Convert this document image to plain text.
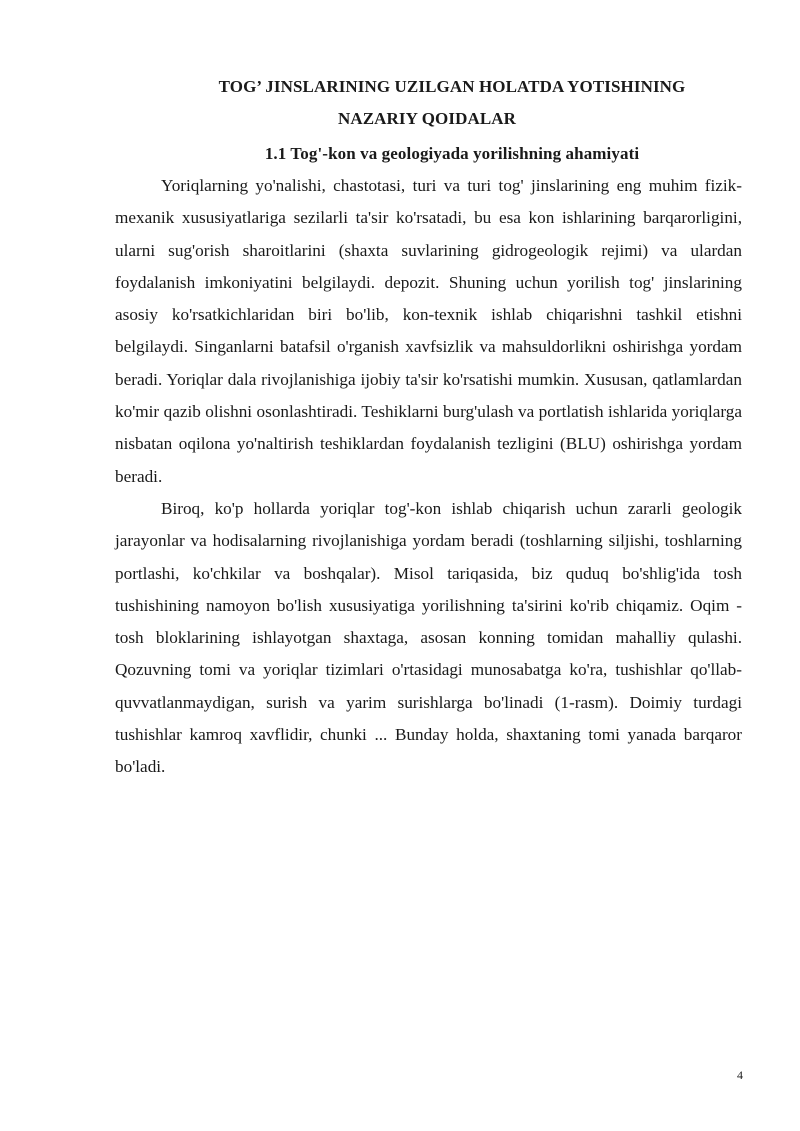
TOG’ JINSLARINING UZILGAN HOLATDA YOTISHINING
NAZARIY QOIDALAR
1.1 Tog'-kon va geologiyada yorilishning ahamiyati

Yoriqlarning yo'nalishi, chastotasi, turi va turi tog' jinslarining eng muhim fizik-mexanik xususiyatlariga sezilarli ta'sir ko'rsatadi, bu esa kon ishlarining barqarorligini, ularni sug'orish sharoitlarini (shaxta suvlarining gidrogeologik rejimi) va ulardan foydalanish imkoniyatini belgilaydi. depozit. Shuning uchun yorilish tog' jinslarining asosiy ko'rsatkichlaridan biri bo'lib, kon-texnik ishlab chiqarishni tashkil etishni belgilaydi. Singanlarni batafsil o'rganish xavfsizlik va mahsuldorlikni oshirishga yordam beradi. Yoriqlar dala rivojlanishiga ijobiy ta'sir ko'rsatishi mumkin. Xususan, qatlamlardan ko'mir qazib olishni osonlashtiradi. Teshiklarni burg'ulash va portlatish ishlarida yoriqlarga nisbatan oqilona yo'naltirish teshiklardan foydalanish tezligini (BLU) oshirishga yordam beradi.

Biroq, ko'p hollarda yoriqlar tog'-kon ishlab chiqarish uchun zararli geologik jarayonlar va hodisalarning rivojlanishiga yordam beradi (toshlarning siljishi, toshlarning portlashi, ko'chkilar va boshqalar). Misol tariqasida, biz quduq bo'shlig'ida tosh tushishining namoyon bo'lish xususiyatiga yorilishning ta'sirini ko'rib chiqamiz. Oqim - tosh bloklarining ishlayotgan shaxtaga, asosan konning tomidan mahalliy qulashi. Qozuvning tomi va yoriqlar tizimlari o'rtasidagi munosabatga ko'ra, tushishlar qo'llab-quvvatlanmaydigan, surish va yarim surishlarga bo'linadi (1-rasm). Doimiy turdagi tushishlar kamroq xavflidir, chunki ... Bunday holda, shaxtaning tomi yanada barqaror bo'ladi.

4
